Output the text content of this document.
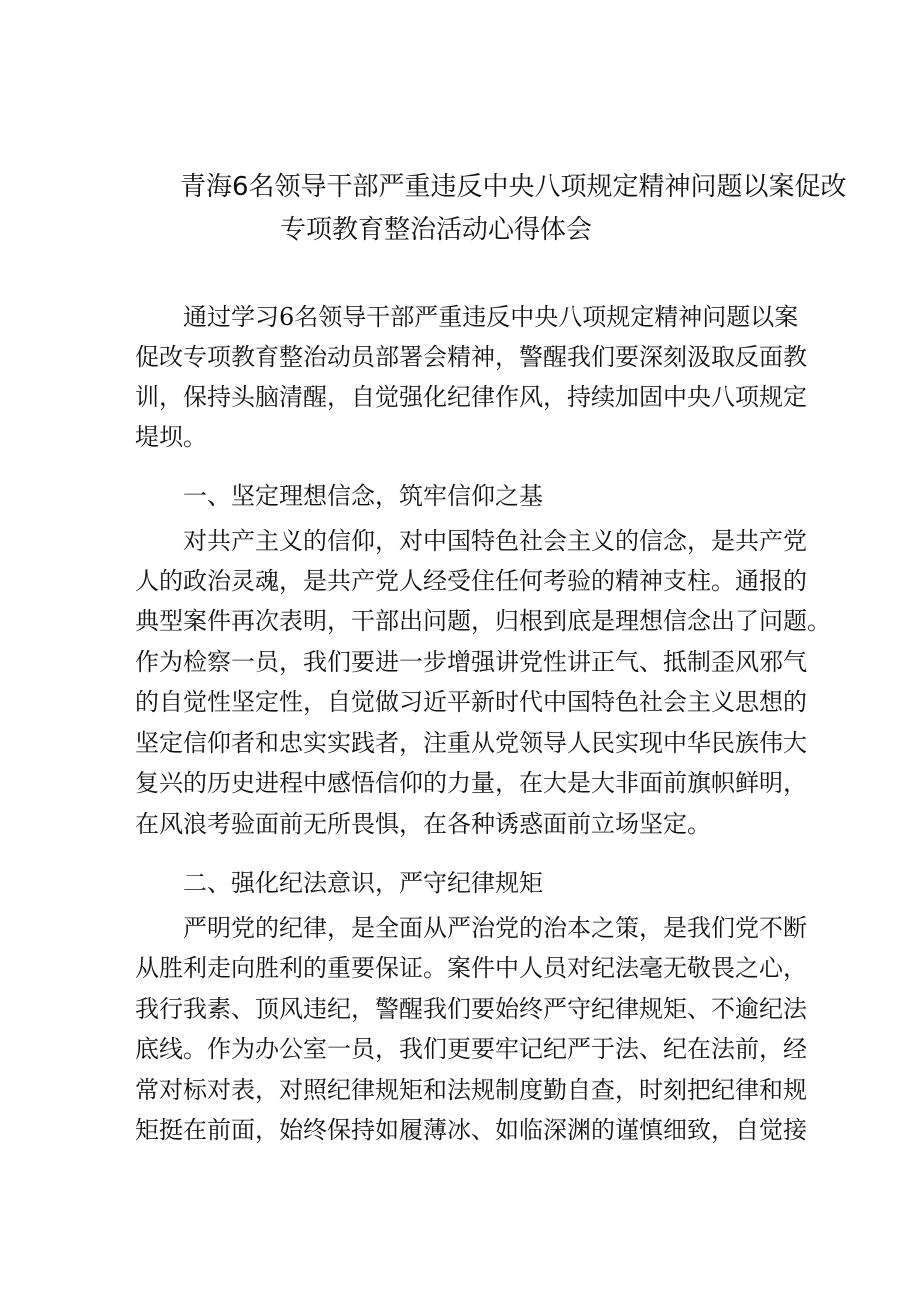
青海6名领导干部严重违反中央八项规定精神问题以案促改
专项教育整治活动心得体会
通过学习6名领导干部严重违反中央八项规定精神问题以案
促改专项教育整治动员部署会精神，警醒我们要深刻汲取反面教
训，保持头脑清醒，自觉强化纪律作风，持续加固中央八项规定
堤坝。
一、坚定理想信念，筑牢信仰之基
对共产主义的信仰，对中国特色社会主义的信念，是共产党
人的政治灵魂，是共产党人经受住任何考验的精神支柱。通报的
典型案件再次表明，干部出问题，归根到底是理想信念出了问题。
作为检察一员，我们要进一步增强讲党性讲正气、抵制歪风邪气
的自觉性坚定性，自觉做习近平新时代中国特色社会主义思想的
坚定信仰者和忠实实践者，注重从党领导人民实现中华民族伟大
复兴的历史进程中感悟信仰的力量，在大是大非面前旗帜鲜明，
在风浪考验面前无所畏惧，在各种诱惑面前立场坚定。
二、强化纪法意识，严守纪律规矩
严明党的纪律，是全面从严治党的治本之策，是我们党不断
从胜利走向胜利的重要保证。案件中人员对纪法毫无敬畏之心，
我行我素、顶风违纪，警醒我们要始终严守纪律规矩、不逾纪法
底线。作为办公室一员，我们更要牢记纪严于法、纪在法前，经
常对标对表，对照纪律规矩和法规制度勤自查，时刻把纪律和规
矩挺在前面，始终保持如履薄冰、如临深渊的谨慎细致，自觉接
